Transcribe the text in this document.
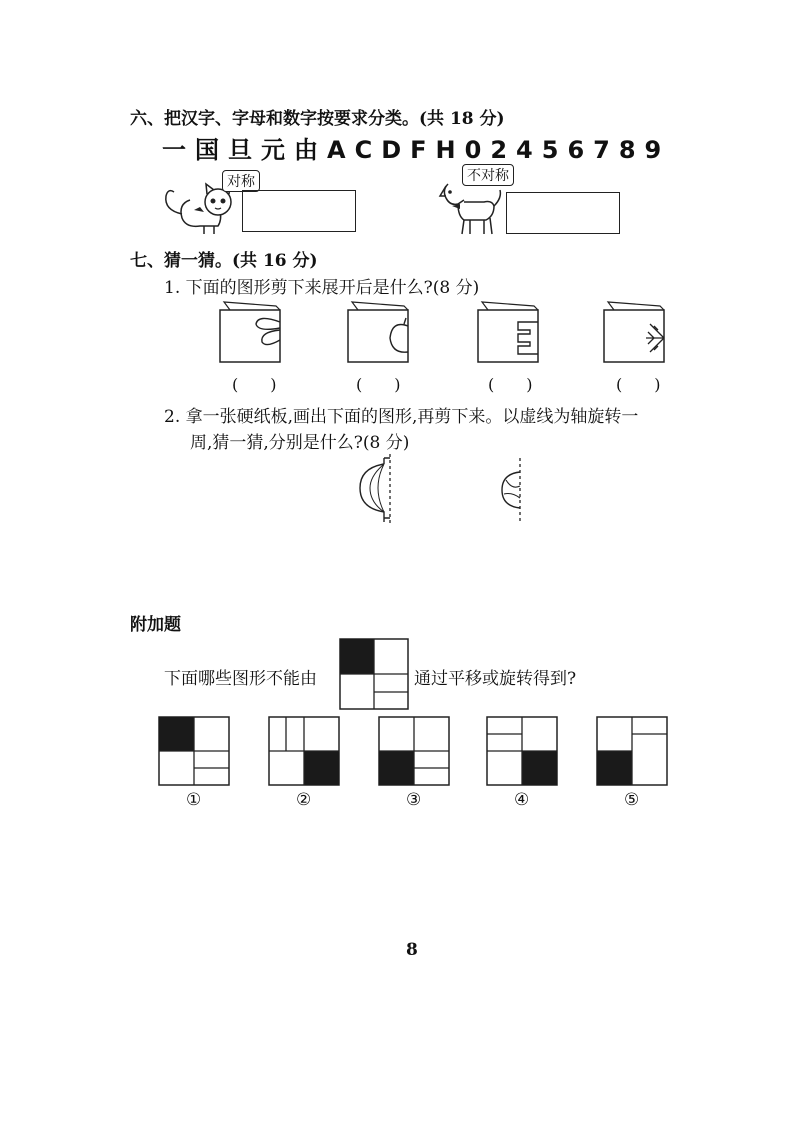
六、把汉字、字母和数字按要求分类。(共 18 分)
一 国 旦 元 由 A C D F H 0 2 4 5 6 7 8 9
对称	不对称
七、猜一猜。(共 16 分)
1. 下面的图形剪下来展开后是什么?(8 分)
(　　)	(　　)	(　　)	(　　)
2. 拿一张硬纸板,画出下面的图形,再剪下来。以虚线为轴旋转一
周,猜一猜,分别是什么?(8 分)
附加题
下面哪些图形不能由	通过平移或旋转得到?
①	②	③	④	⑤
8
